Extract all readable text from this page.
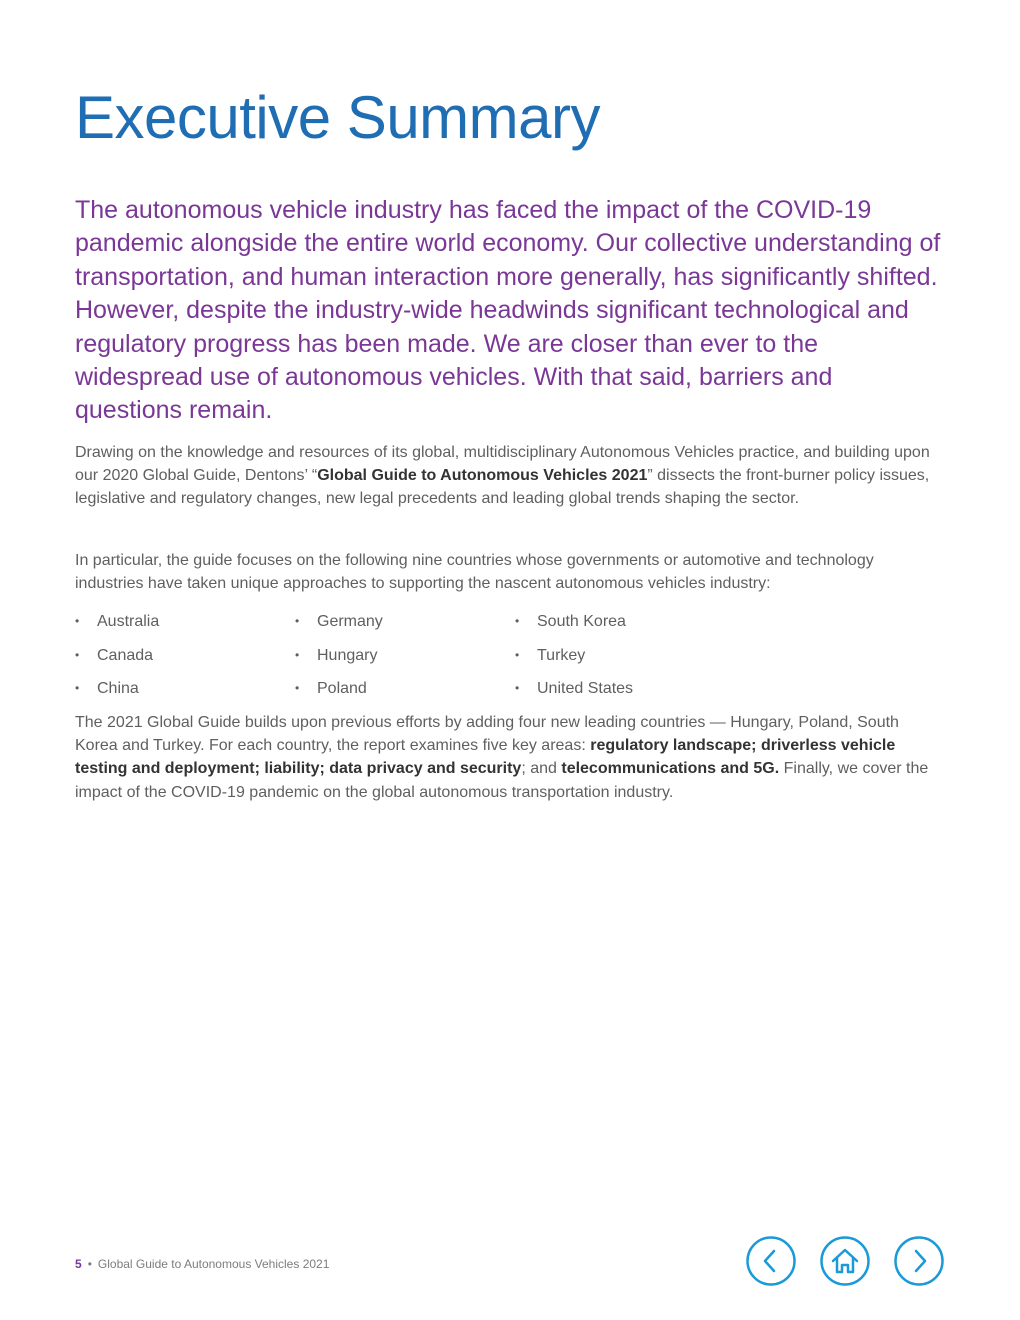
Executive Summary

The autonomous vehicle industry has faced the impact of the COVID-19 pandemic alongside the entire world economy. Our collective understanding of transportation, and human interaction more generally, has significantly shifted. However, despite the industry-wide headwinds significant technological and regulatory progress has been made. We are closer than ever to the widespread use of autonomous vehicles. With that said, barriers and questions remain.

Drawing on the knowledge and resources of its global, multidisciplinary Autonomous Vehicles practice, and building upon our 2020 Global Guide, Dentons’ “Global Guide to Autonomous Vehicles 2021” dissects the front-burner policy issues, legislative and regulatory changes, new legal precedents and leading global trends shaping the sector.

In particular, the guide focuses on the following nine countries whose governments or automotive and technology industries have taken unique approaches to supporting the nascent autonomous vehicles industry:

•	Australia	•	Germany	•	South Korea
•	Canada	•	Hungary	•	Turkey
•	China	•	Poland	•	United States

The 2021 Global Guide builds upon previous efforts by adding four new leading countries — Hungary, Poland, South Korea and Turkey. For each country, the report examines five key areas: regulatory landscape; driverless vehicle testing and deployment; liability; data privacy and security; and telecommunications and 5G. Finally, we cover the impact of the COVID-19 pandemic on the global autonomous transportation industry.

5 • Global Guide to Autonomous Vehicles 2021
